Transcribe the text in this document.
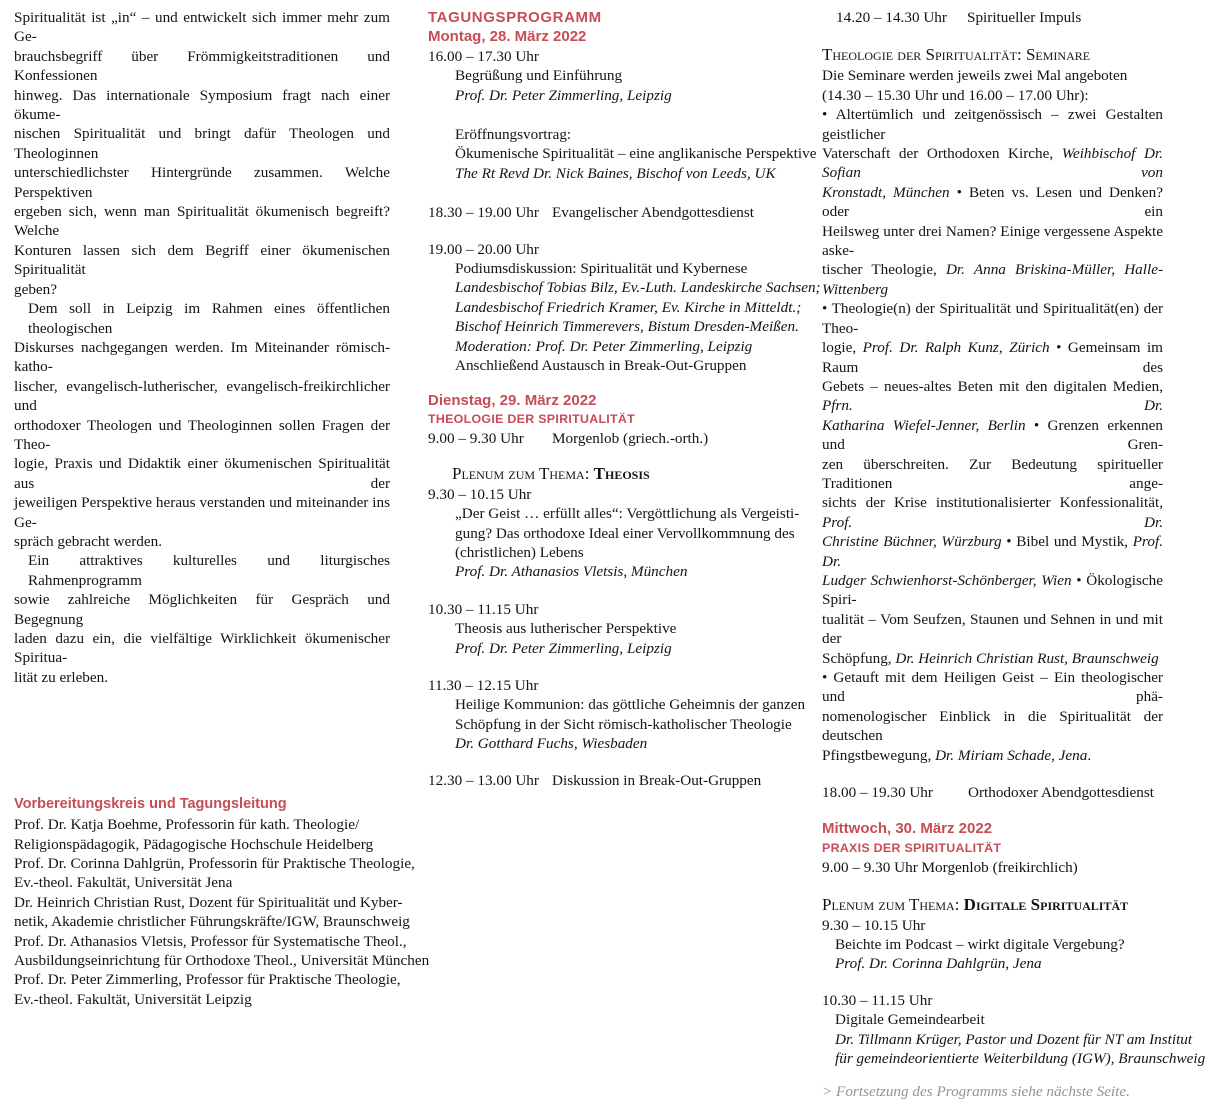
Spiritualität ist „in“ – und entwickelt sich immer mehr zum Ge-
brauchsbegriff über Frömmigkeitstraditionen und Konfessionen
hinweg. Das internationale Symposium fragt nach einer ökume-
nischen Spiritualität und bringt dafür Theologen und Theologinnen
unterschiedlichster Hintergründe zusammen. Welche Perspektiven
ergeben sich, wenn man Spiritualität ökumenisch begreift? Welche
Konturen lassen sich dem Begriff einer ökumenischen Spiritualität
geben?
Dem soll in Leipzig im Rahmen eines öffentlichen theologischen
Diskurses nachgegangen werden. Im Miteinander römisch-katho-
lischer, evangelisch-lutherischer, evangelisch-freikirchlicher und
orthodoxer Theologen und Theologinnen sollen Fragen der Theo-
logie, Praxis und Didaktik einer ökumenischen Spiritualität aus der
jeweiligen Perspektive heraus verstanden und miteinander ins Ge-
spräch gebracht werden.
Ein attraktives kulturelles und liturgisches Rahmenprogramm
sowie zahlreiche Möglichkeiten für Gespräch und Begegnung
laden dazu ein, die vielfältige Wirklichkeit ökumenischer Spiritua-
lität zu erleben.
Vorbereitungskreis und Tagungsleitung
Prof. Dr. Katja Boehme, Professorin für kath. Theologie/
Religionspädagogik, Pädagogische Hochschule Heidelberg
Prof. Dr. Corinna Dahlgrün, Professorin für Praktische Theologie,
Ev.-theol. Fakultät, Universität Jena
Dr. Heinrich Christian Rust, Dozent für Spiritualität und Kyber-
netik, Akademie christlicher Führungskräfte/IGW, Braunschweig
Prof. Dr. Athanasios Vletsis, Professor für Systematische Theol.,
Ausbildungseinrichtung für Orthodoxe Theol., Universität München
Prof. Dr. Peter Zimmerling, Professor für Praktische Theologie,
Ev.-theol. Fakultät, Universität Leipzig
TAGUNGSPROGRAMM
Montag, 28. März 2022
16.00 – 17.30 Uhr
Begrüßung und Einführung
Prof. Dr. Peter Zimmerling, Leipzig
Eröffnungsvortrag:
Ökumenische Spiritualität – eine anglikanische Perspektive
The Rt Revd Dr. Nick Baines, Bischof von Leeds, UK
18.30 – 19.00 Uhr Evangelischer Abendgottesdienst
19.00 – 20.00 Uhr
Podiumsdiskussion: Spiritualität und Kybernese
Landesbischof Tobias Bilz, Ev.-Luth. Landeskirche Sachsen;
Landesbischof Friedrich Kramer, Ev. Kirche in Mitteldt.;
Bischof Heinrich Timmerevers, Bistum Dresden-Meißen.
Moderation: Prof. Dr. Peter Zimmerling, Leipzig
Anschließend Austausch in Break-Out-Gruppen
Dienstag, 29. März 2022
THEOLOGIE DER SPIRITUALITÄT
9.00 – 9.30 Uhr	Morgenlob (griech.-orth.)
Plenum zum Thema: Theosis
9.30 – 10.15 Uhr
„Der Geist … erfüllt alles“: Vergöttlichung als Vergeisti-
gung? Das orthodoxe Ideal einer Vervollkommnung des
(christlichen) Lebens
Prof. Dr. Athanasios Vletsis, München
10.30 – 11.15 Uhr
Theosis aus lutherischer Perspektive
Prof. Dr. Peter Zimmerling, Leipzig
11.30 – 12.15 Uhr
Heilige Kommunion: das göttliche Geheimnis der ganzen
Schöpfung in der Sicht römisch-katholischer Theologie
Dr. Gotthard Fuchs, Wiesbaden
12.30 – 13.00 Uhr Diskussion in Break-Out-Gruppen
14.20 – 14.30 Uhr	Spiritueller Impuls
Theologie der Spiritualität: Seminare
Die Seminare werden jeweils zwei Mal angeboten
(14.30 – 15.30 Uhr und 16.00 – 17.00 Uhr):
• Altertümlich und zeitgenössisch – zwei Gestalten geistlicher
Vaterschaft der Orthodoxen Kirche, Weihbischof Dr. Sofian von
Kronstadt, München • Beten vs. Lesen und Denken? oder ein
Heilsweg unter drei Namen? Einige vergessene Aspekte aske-
tischer Theologie, Dr. Anna Briskina-Müller, Halle-Wittenberg
• Theologie(n) der Spiritualität und Spiritualität(en) der Theo-
logie, Prof. Dr. Ralph Kunz, Zürich • Gemeinsam im Raum des
Gebets – neues-altes Beten mit den digitalen Medien, Pfrn. Dr.
Katharina Wiefel-Jenner, Berlin • Grenzen erkennen und Gren-
zen überschreiten. Zur Bedeutung spiritueller Traditionen ange-
sichts der Krise institutionalisierter Konfessionalität, Prof. Dr.
Christine Büchner, Würzburg • Bibel und Mystik, Prof. Dr.
Ludger Schwienhorst-Schönberger, Wien • Ökologische Spiri-
tualität – Vom Seufzen, Staunen und Sehnen in und mit der
Schöpfung, Dr. Heinrich Christian Rust, Braunschweig
• Getauft mit dem Heiligen Geist – Ein theologischer und phä-
nomenologischer Einblick in die Spiritualität der deutschen
Pfingstbewegung, Dr. Miriam Schade, Jena.
18.00 – 19.30 Uhr	Orthodoxer Abendgottesdienst
Mittwoch, 30. März 2022
PRAXIS DER SPIRITUALITÄT
9.00 – 9.30 Uhr Morgenlob (freikirchlich)
Plenum zum Thema: Digitale Spiritualität
9.30 – 10.15 Uhr
Beichte im Podcast – wirkt digitale Vergebung?
Prof. Dr. Corinna Dahlgrün, Jena
10.30 – 11.15 Uhr
Digitale Gemeindearbeit
Dr. Tillmann Krüger, Pastor und Dozent für NT am Institut
für gemeindeorientierte Weiterbildung (IGW), Braunschweig
> Fortsetzung des Programms siehe nächste Seite.
